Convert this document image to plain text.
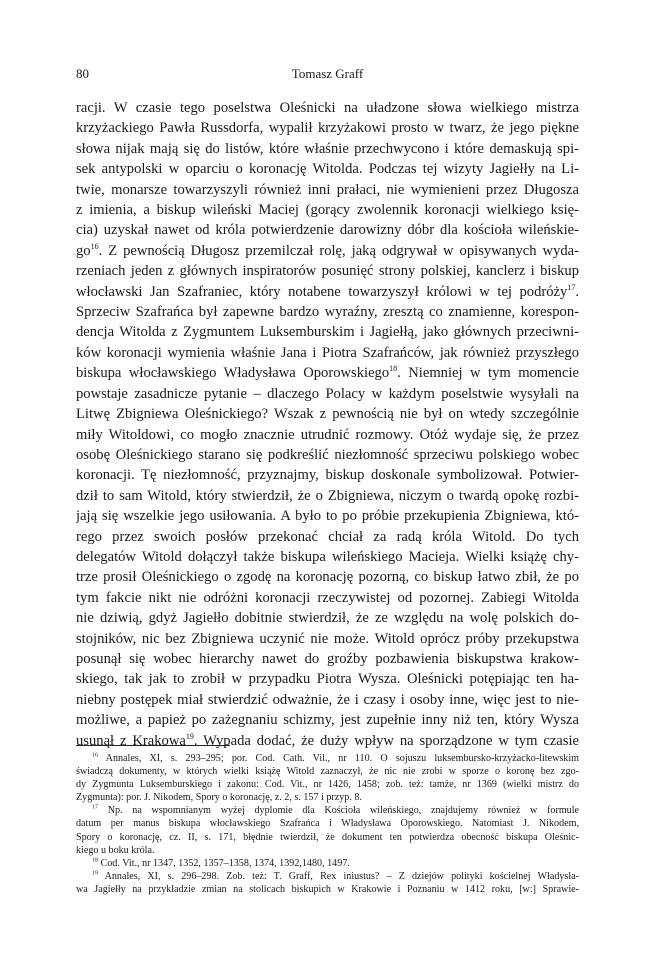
80	Tomasz Graff

racji. W czasie tego poselstwa Oleśnicki na uładzone słowa wielkiego mistrza

krzyżackiego Pawła Russdorfa, wypalił krzyżakowi prosto w twarz, że jego piękne

słowa nijak mają się do listów, które właśnie przechwycono i które demaskują spi-

sek antypolski w oparciu o koronację Witolda. Podczas tej wizyty Jagiełły na Li-

twie, monarsze towarzyszyli również inni prałaci, nie wymienieni przez Długosza

z imienia, a biskup wileński Maciej (gorący zwolennik koronacji wielkiego księ-

cia) uzyskał nawet od króla potwierdzenie darowizny dóbr dla kościoła wileńskie-

$go^{16}$. Z pewnością Długosz przemilczał rolę, jaką odgrywał w opisywanych wyda-

rzeniach jeden z głównych inspiratorów posunięć strony polskiej, kanclerz i biskup

włocławski Jan Szafraniec, który notabene towarzyszył królowi w tej podróży$^{17}$.

Sprzeciw Szafrańca był zapewne bardzo wyraźny, zresztą co znamienne, korespon-

dencja Witolda z Zygmuntem Luksemburskim i Jagiełłą, jako głównych przeciwni-

ków koronacji wymienia właśnie Jana i Piotra Szafrańców, jak również przyszłego

biskupa włocławskiego Władysława Oporowskiego$^{18}$. Niemniej w tym momencie

powstaje zasadnicze pytanie – dlaczego Polacy w każdym poselstwie wysyłali na

Litwę Zbigniewa Oleśnickiego? Wszak z pewnością nie był on wtedy szczególnie

miły Witoldowi, co mogło znacznie utrudnić rozmowy. Otóż wydaje się, że przez

osobę Oleśnickiego starano się podkreślić niezłomność sprzeciwu polskiego wobec

koronacji. Tę niezłomność, przyznajmy, biskup doskonale symbolizował. Potwier-

dził to sam Witold, który stwierdził, że o Zbigniewa, niczym o twardą opokę rozbi-

jają się wszelkie jego usiłowania. A było to po próbie przekupienia Zbigniewa, któ-

rego przez swoich posłów przekonać chciał za radą króla Witold. Do tych

delegatów Witold dołączył także biskupa wileńskiego Macieja. Wielki książę chy-

trze prosił Oleśnickiego o zgodę na koronację pozorną, co biskup łatwo zbił, że po

tym fakcie nikt nie odróżni koronacji rzeczywistej od pozornej. Zabiegi Witolda

nie dziwią, gdyż Jagiełło dobitnie stwierdził, że ze względu na wolę polskich do-

stojników, nic bez Zbigniewa uczynić nie może. Witold oprócz próby przekupstwa

posunął się wobec hierarchy nawet do groźby pozbawienia biskupstwa krakow-

skiego, tak jak to zrobił w przypadku Piotra Wysza. Oleśnicki potępiając ten ha-

niebny postępek miał stwierdzić odważnie, że i czasy i osoby inne, więc jest to nie-

możliwe, a papież po zażegnaniu schizmy, jest zupełnie inny niż ten, który Wysza

usunął z Krakowa$^{19}$. Wypada dodać, że duży wpływ na sporządzone w tym czasie

$^{16}$ Annales, XI, s. 293–295; por. Cod. Cath. Vil., nr 110. O sojuszu luksembursko-krzyżacko-litewskim

świadczą dokumenty, w których wielki książę Witold zaznaczył, że nic nie zrobi w sporze o koronę bez zgo-

dy Zygmunta Luksemburskiego i zakonu: Cod. Vit., nr 1426, 1458; zob. też: tamże, nr 1369 (wielki mistrz do

Zygmunta): por. J. Nikodem, Spory o koronację, z. 2, s. 157 i przyp. 8.

$^{17}$ Np. na wspomnianym wyżej dyplomie dla Kościoła wileńskiego, znajdujemy również w formule

datum per manus biskupa włocławskiego Szafrańca i Władysława Oporowskiego. Natomiast J. Nikodem,

Spory o koronację, cz. II, s. 171, błędnie twierdził, że dokument ten potwierdza obecność biskupa Oleśnic-

kiego u boku króla.

$^{18}$ Cod. Vit., nr 1347, 1352, 1357–1358, 1374, 1392,1480, 1497.

$^{19}$ Annales, XI, s. 296–298. Zob. też: T. Graff, Rex iniustus? – Z dziejów polityki kościelnej Władysła-

wa Jagiełły na przykładzie zmian na stolicach biskupich w Krakowie i Poznaniu w 1412 roku, [w:] Sprawie-
